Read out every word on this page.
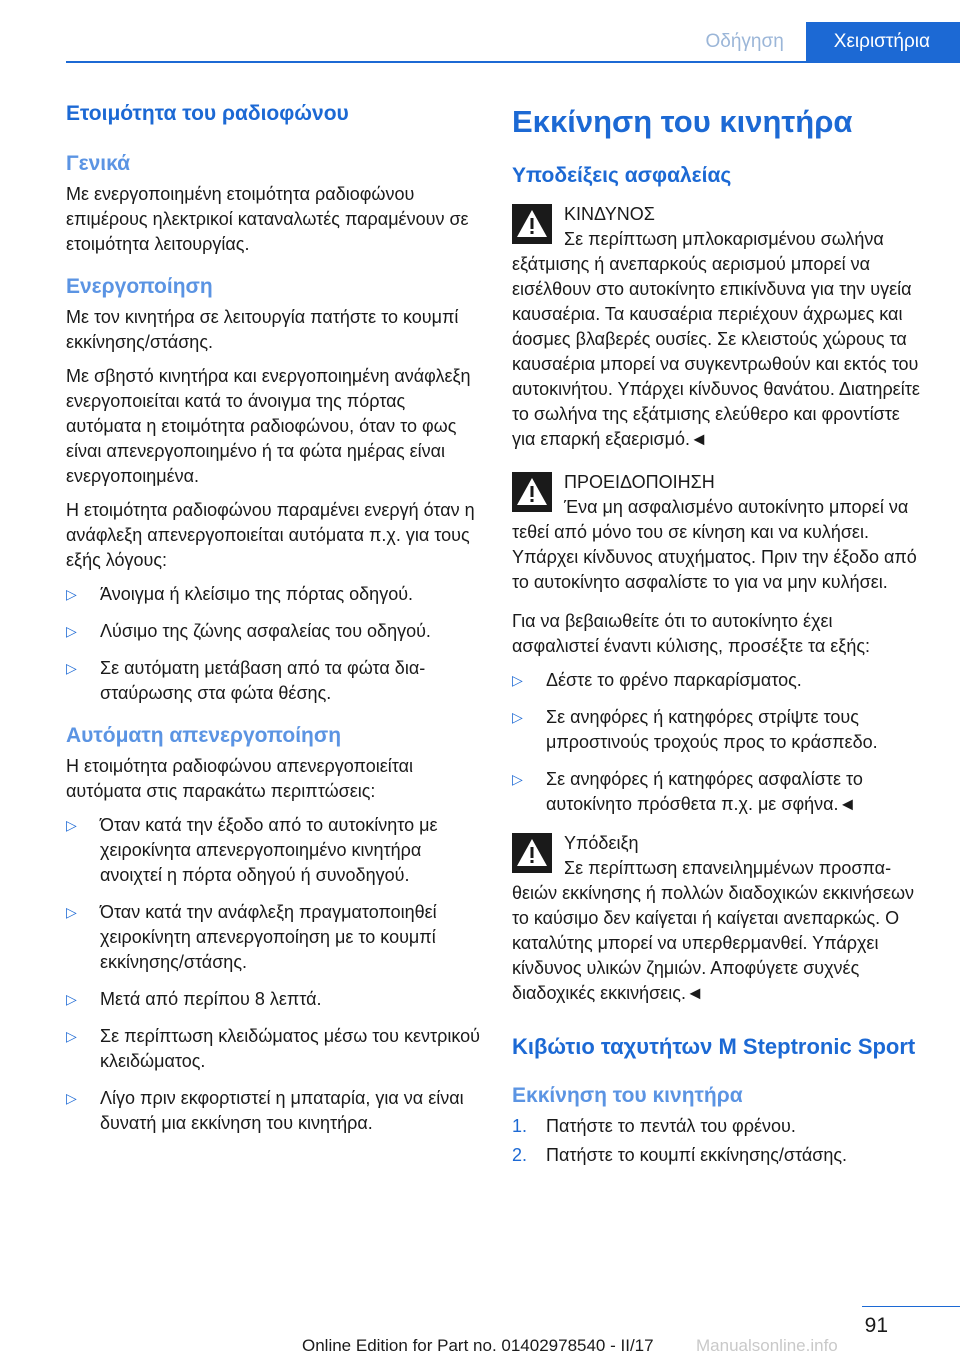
Οδήγηση	Χειριστήρια
Ετοιμότητα του ραδιοφώνου
Γενικά

Με ενεργοποιημένη ετοιμότητα ραδιοφώνου επιμέρους ηλεκτρικοί καταναλωτές παραμένουν σε ετοιμότητα λειτουργίας.

Ενεργοποίηση

Με τον κινητήρα σε λειτουργία πατήστε το κουμπί εκκίνησης/στάσης.

Με σβηστό κινητήρα και ενεργοποιημένη ανάφλεξη ενεργοποιείται κατά το άνοιγμα της πόρτας αυτόματα η ετοιμότητα ραδιοφώνου, όταν το φως είναι απενεργοποιημένο ή τα φώτα ημέρας είναι ενεργοποιημένα.

Η ετοιμότητα ραδιοφώνου παραμένει ενεργή όταν η ανάφλεξη απενεργοποιείται αυτόματα π.χ. για τους εξής λόγους:

▷ Άνοιγμα ή κλείσιμο της πόρτας οδηγού.
▷ Λύσιμο της ζώνης ασφαλείας του οδηγού.
▷ Σε αυτόματη μετάβαση από τα φώτα διασταύρωσης στα φώτα θέσης.
Αυτόματη απενεργοποίηση

Η ετοιμότητα ραδιοφώνου απενεργοποιείται αυτόματα στις παρακάτω περιπτώσεις:

▷ Όταν κατά την έξοδο από το αυτοκίνητο με χειροκίνητα απενεργοποιημένο κινητήρα ανοιχτεί η πόρτα οδηγού ή συνοδηγού.
▷ Όταν κατά την ανάφλεξη πραγματοποιηθεί χειροκίνητη απενεργοποίηση με το κουμπί εκκίνησης/στάσης.
▷ Μετά από περίπου 8 λεπτά.
▷ Σε περίπτωση κλειδώματος μέσω του κεντρικού κλειδώματος.
▷ Λίγο πριν εκφορτιστεί η μπαταρία, για να είναι δυνατή μια εκκίνηση του κινητήρα.
Εκκίνηση του κινητήρα
Υποδείξεις ασφαλείας
ΚΙΝΔΥΝΟΣ
Σε περίπτωση μπλοκαρισμένου σωλήνα εξάτμισης ή ανεπαρκούς αερισμού μπορεί να εισέλθουν στο αυτοκίνητο επικίνδυνα για την υγεία καυσαέρια. Τα καυσαέρια περιέχουν άχρωμες και άοσμες βλαβερές ουσίες. Σε κλειστούς χώρους τα καυσαέρια μπορεί να συγκεντρωθούν και εκτός του αυτοκινήτου. Υπάρχει κίνδυνος θανάτου. Διατηρείτε το σωλήνα της εξάτμισης ελεύθερο και φροντίστε για επαρκή εξαερισμό.◄
ΠΡΟΕΙΔΟΠΟΙΗΣΗ
Ένα μη ασφαλισμένο αυτοκίνητο μπορεί να τεθεί από μόνο του σε κίνηση και να κυλήσει. Υπάρχει κίνδυνος ατυχήματος. Πριν την έξοδο από το αυτοκίνητο ασφαλίστε το για να μην κυλήσει.

Για να βεβαιωθείτε ότι το αυτοκίνητο έχει ασφαλιστεί έναντι κύλισης, προσέξτε τα εξής:

▷ Δέστε το φρένο παρκαρίσματος.
▷ Σε ανηφόρες ή κατηφόρες στρίψτε τους μπροστινούς τροχούς προς το κράσπεδο.
▷ Σε ανηφόρες ή κατηφόρες ασφαλίστε το αυτοκίνητο πρόσθετα π.χ. με σφήνα.◄
Υπόδειξη
Σε περίπτωση επανειλημμένων προσπαθειών εκκίνησης ή πολλών διαδοχικών εκκινήσεων το καύσιμο δεν καίγεται ή καίγεται ανεπαρκώς. Ο καταλύτης μπορεί να υπερθερμανθεί. Υπάρχει κίνδυνος υλικών ζημιών. Αποφύγετε συχνές διαδοχικές εκκινήσεις.◄
Κιβώτιο ταχυτήτων M Steptronic Sport
Εκκίνηση του κινητήρα
1. Πατήστε το πεντάλ του φρένου.
2. Πατήστε το κουμπί εκκίνησης/στάσης.
91
Online Edition for Part no. 01402978540 - II/17 Manualsonline.info
